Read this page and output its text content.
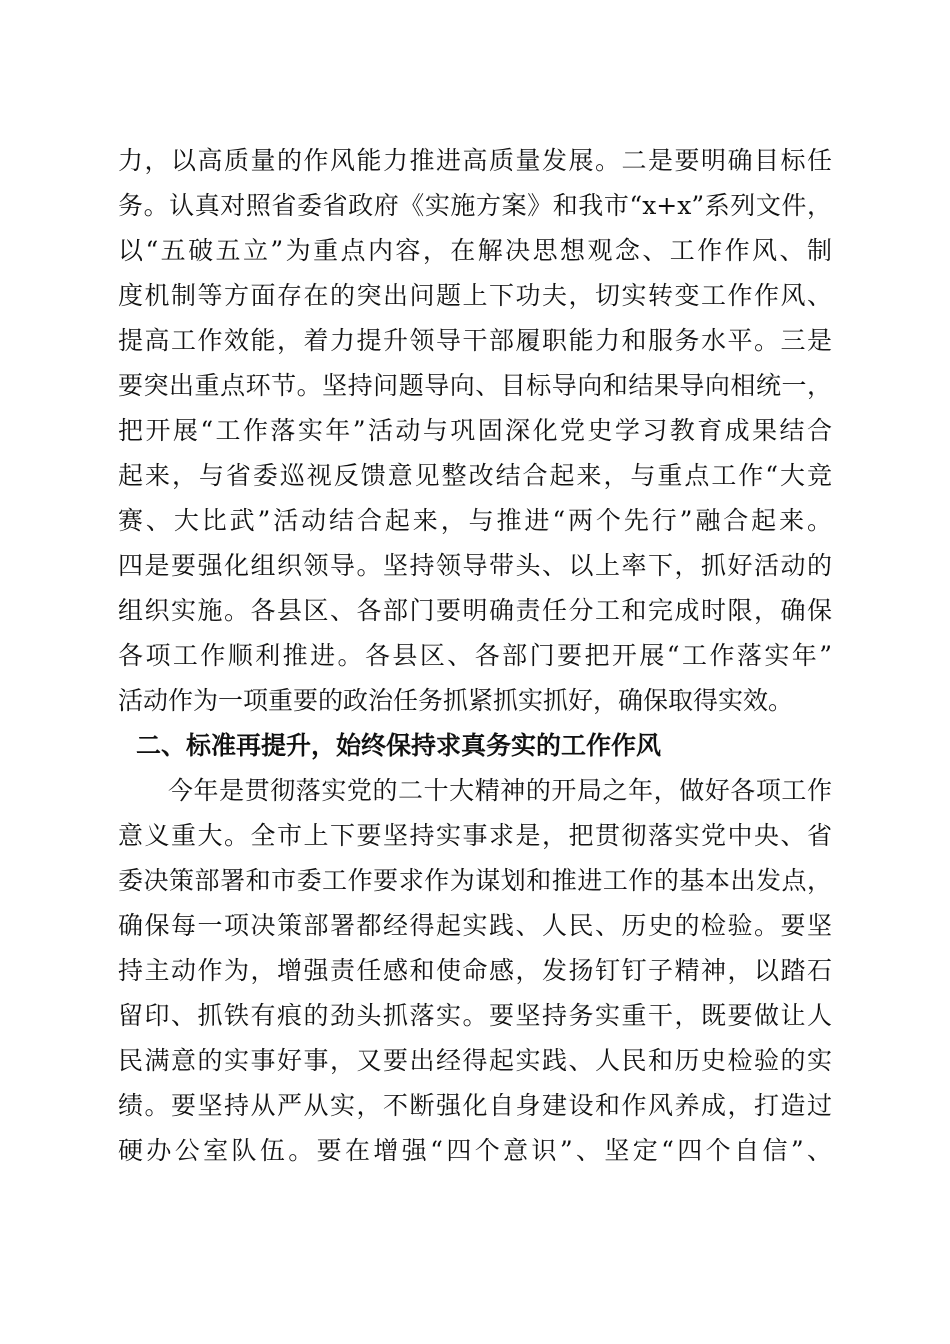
力，以高质量的作风能力推进高质量发展。二是要明确目标任
务。认真对照省委省政府《实施方案》和我市“x+x”系列文件，
以“五破五立”为重点内容，在解决思想观念、工作作风、制
度机制等方面存在的突出问题上下功夫，切实转变工作作风、
提高工作效能，着力提升领导干部履职能力和服务水平。三是
要突出重点环节。坚持问题导向、目标导向和结果导向相统一，
把开展“工作落实年”活动与巩固深化党史学习教育成果结合
起来，与省委巡视反馈意见整改结合起来，与重点工作“大竞
赛、大比武”活动结合起来，与推进“两个先行”融合起来。
四是要强化组织领导。坚持领导带头、以上率下，抓好活动的
组织实施。各县区、各部门要明确责任分工和完成时限，确保
各项工作顺利推进。各县区、各部门要把开展“工作落实年”
活动作为一项重要的政治任务抓紧抓实抓好，确保取得实效。
二、标准再提升，始终保持求真务实的工作作风
今年是贯彻落实党的二十大精神的开局之年，做好各项工作
意义重大。全市上下要坚持实事求是，把贯彻落实党中央、省
委决策部署和市委工作要求作为谋划和推进工作的基本出发点，
确保每一项决策部署都经得起实践、人民、历史的检验。要坚
持主动作为，增强责任感和使命感，发扬钉钉子精神，以踏石
留印、抓铁有痕的劲头抓落实。要坚持务实重干，既要做让人
民满意的实事好事，又要出经得起实践、人民和历史检验的实
绩。要坚持从严从实，不断强化自身建设和作风养成，打造过
硬办公室队伍。要在增强“四个意识”、坚定“四个自信”、
